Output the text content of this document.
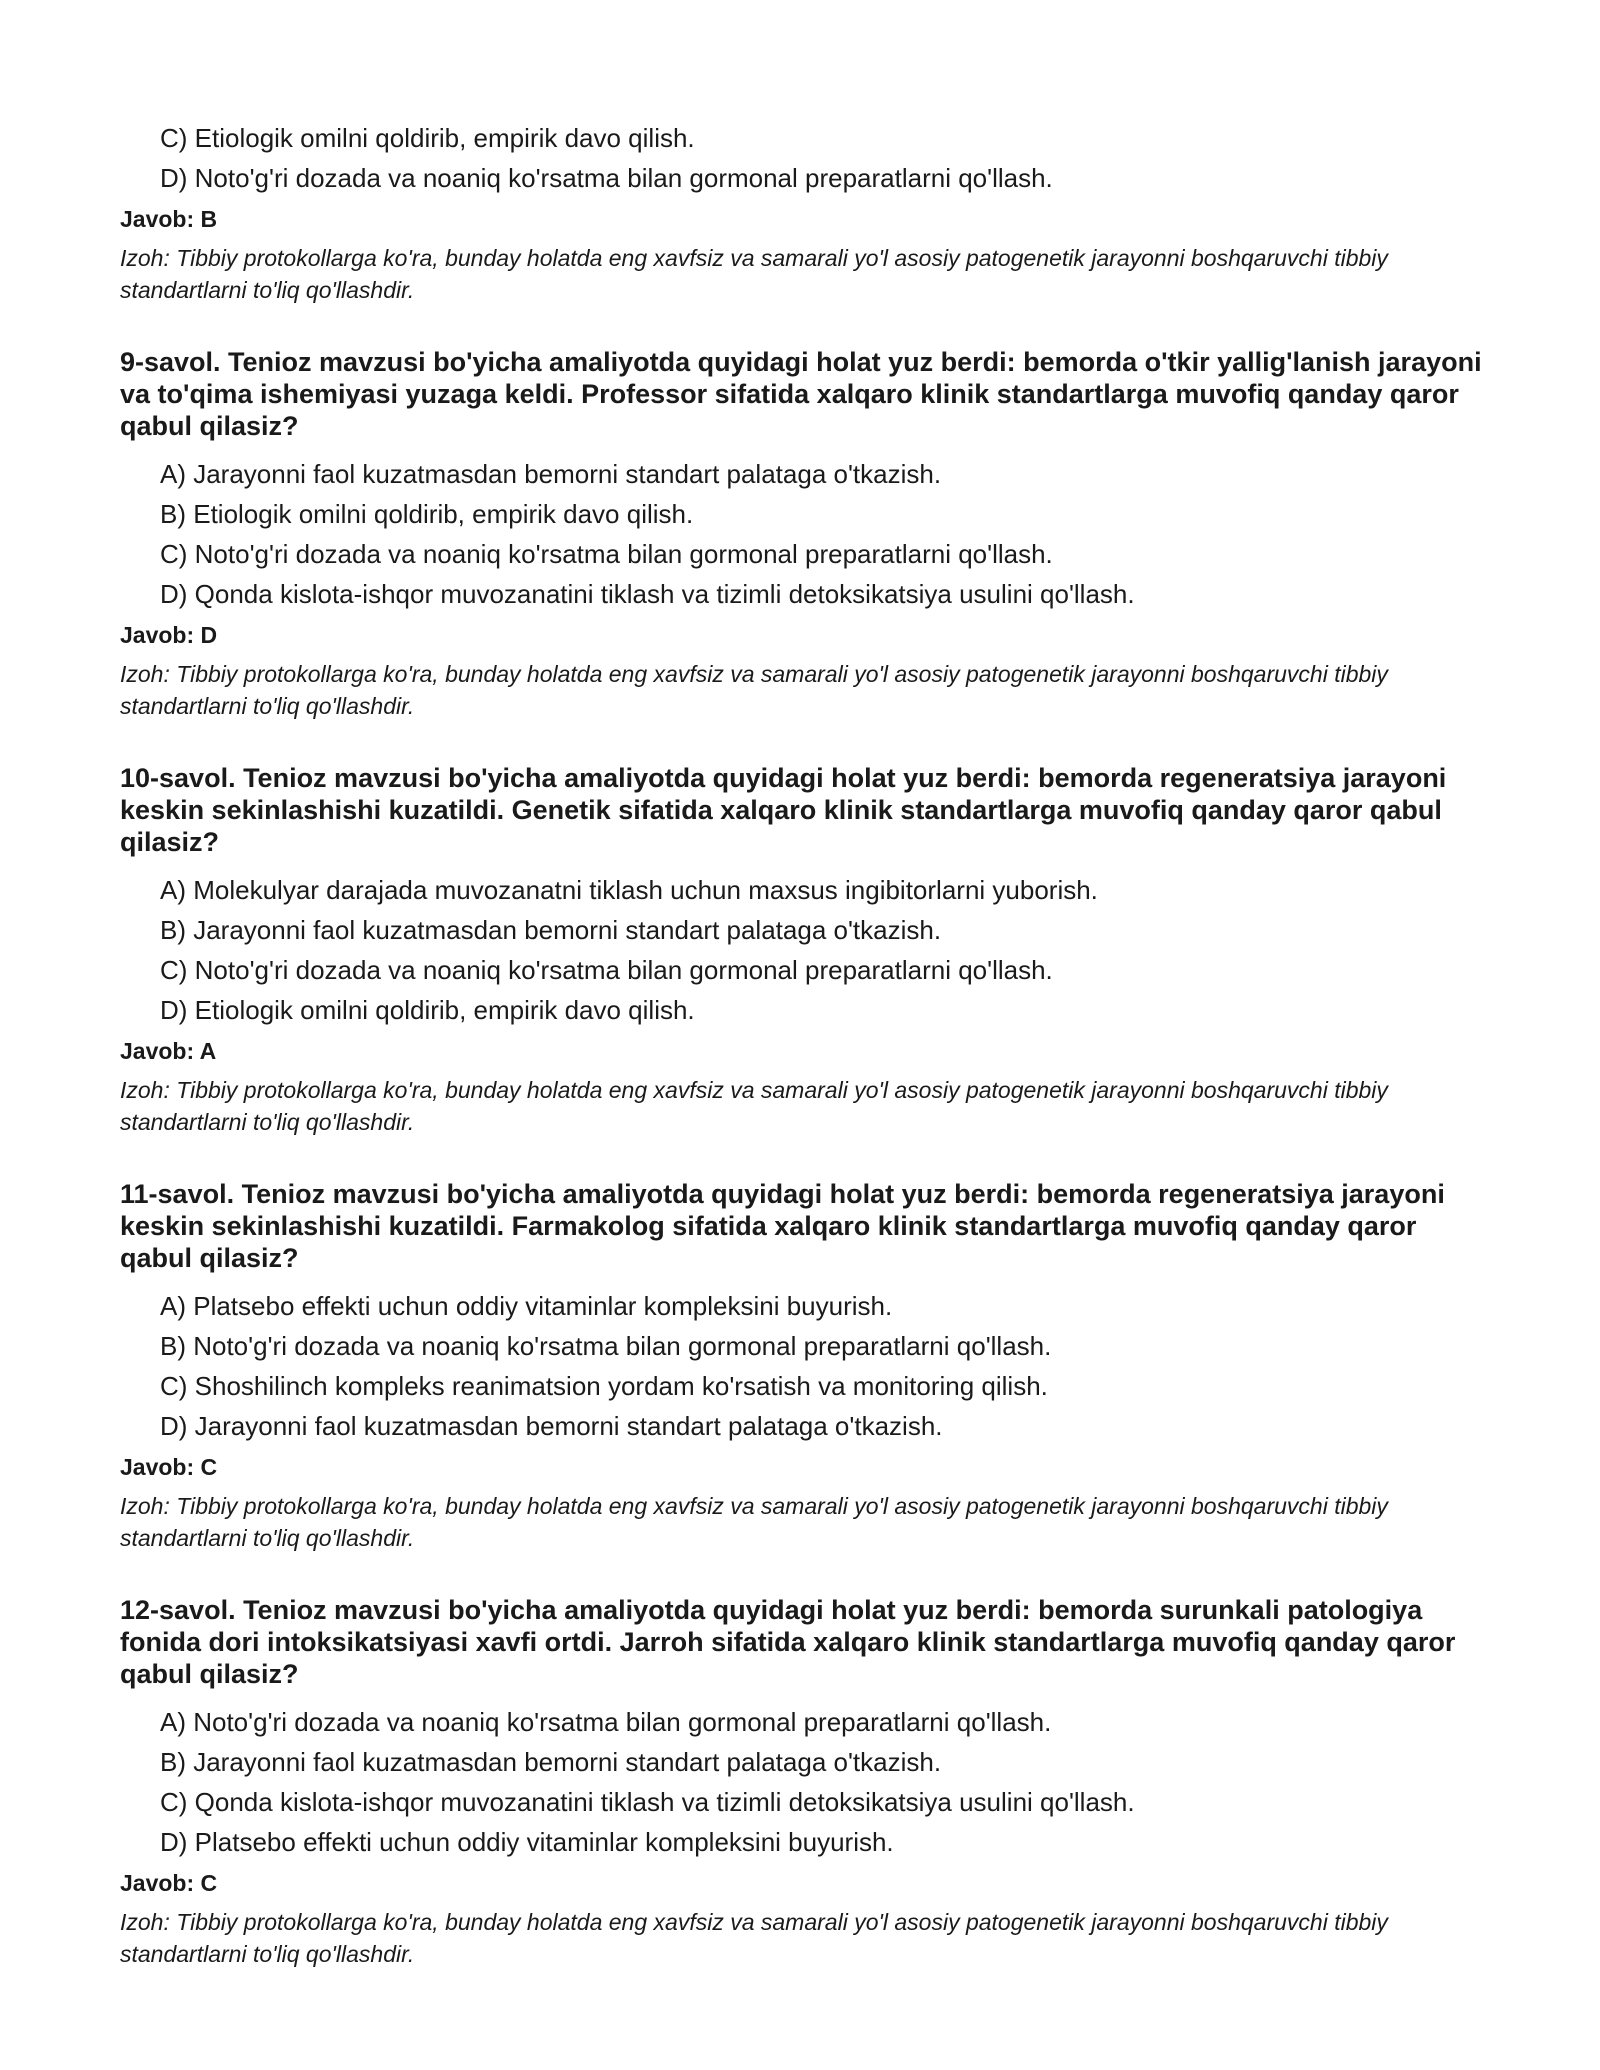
C) Etiologik omilni qoldirib, empirik davo qilish.
D) Noto'g'ri dozada va noaniq ko'rsatma bilan gormonal preparatlarni qo'llash.
Javob: B
Izoh: Tibbiy protokollarga ko'ra, bunday holatda eng xavfsiz va samarali yo'l asosiy patogenetik jarayonni boshqaruvchi tibbiy standartlarni to'liq qo'llashdir.

9-savol. Tenioz mavzusi bo'yicha amaliyotda quyidagi holat yuz berdi: bemorda o'tkir yallig'lanish jarayoni va to'qima ishemiyasi yuzaga keldi. Professor sifatida xalqaro klinik standartlarga muvofiq qanday qaror qabul qilasiz?

A) Jarayonni faol kuzatmasdan bemorni standart palataga o'tkazish.
B) Etiologik omilni qoldirib, empirik davo qilish.
C) Noto'g'ri dozada va noaniq ko'rsatma bilan gormonal preparatlarni qo'llash.
D) Qonda kislota-ishqor muvozanatini tiklash va tizimli detoksikatsiya usulini qo'llash.
Javob: D
Izoh: Tibbiy protokollarga ko'ra, bunday holatda eng xavfsiz va samarali yo'l asosiy patogenetik jarayonni boshqaruvchi tibbiy standartlarni to'liq qo'llashdir.

10-savol. Tenioz mavzusi bo'yicha amaliyotda quyidagi holat yuz berdi: bemorda regeneratsiya jarayoni keskin sekinlashishi kuzatildi. Genetik sifatida xalqaro klinik standartlarga muvofiq qanday qaror qabul qilasiz?

A) Molekulyar darajada muvozanatni tiklash uchun maxsus ingibitorlarni yuborish.
B) Jarayonni faol kuzatmasdan bemorni standart palataga o'tkazish.
C) Noto'g'ri dozada va noaniq ko'rsatma bilan gormonal preparatlarni qo'llash.
D) Etiologik omilni qoldirib, empirik davo qilish.
Javob: A
Izoh: Tibbiy protokollarga ko'ra, bunday holatda eng xavfsiz va samarali yo'l asosiy patogenetik jarayonni boshqaruvchi tibbiy standartlarni to'liq qo'llashdir.

11-savol. Tenioz mavzusi bo'yicha amaliyotda quyidagi holat yuz berdi: bemorda regeneratsiya jarayoni keskin sekinlashishi kuzatildi. Farmakolog sifatida xalqaro klinik standartlarga muvofiq qanday qaror qabul qilasiz?

A) Platsebo effekti uchun oddiy vitaminlar kompleksini buyurish.
B) Noto'g'ri dozada va noaniq ko'rsatma bilan gormonal preparatlarni qo'llash.
C) Shoshilinch kompleks reanimatsion yordam ko'rsatish va monitoring qilish.
D) Jarayonni faol kuzatmasdan bemorni standart palataga o'tkazish.
Javob: C
Izoh: Tibbiy protokollarga ko'ra, bunday holatda eng xavfsiz va samarali yo'l asosiy patogenetik jarayonni boshqaruvchi tibbiy standartlarni to'liq qo'llashdir.

12-savol. Tenioz mavzusi bo'yicha amaliyotda quyidagi holat yuz berdi: bemorda surunkali patologiya fonida dori intoksikatsiyasi xavfi ortdi. Jarroh sifatida xalqaro klinik standartlarga muvofiq qanday qaror qabul qilasiz?

A) Noto'g'ri dozada va noaniq ko'rsatma bilan gormonal preparatlarni qo'llash.
B) Jarayonni faol kuzatmasdan bemorni standart palataga o'tkazish.
C) Qonda kislota-ishqor muvozanatini tiklash va tizimli detoksikatsiya usulini qo'llash.
D) Platsebo effekti uchun oddiy vitaminlar kompleksini buyurish.
Javob: C
Izoh: Tibbiy protokollarga ko'ra, bunday holatda eng xavfsiz va samarali yo'l asosiy patogenetik jarayonni boshqaruvchi tibbiy standartlarni to'liq qo'llashdir.
